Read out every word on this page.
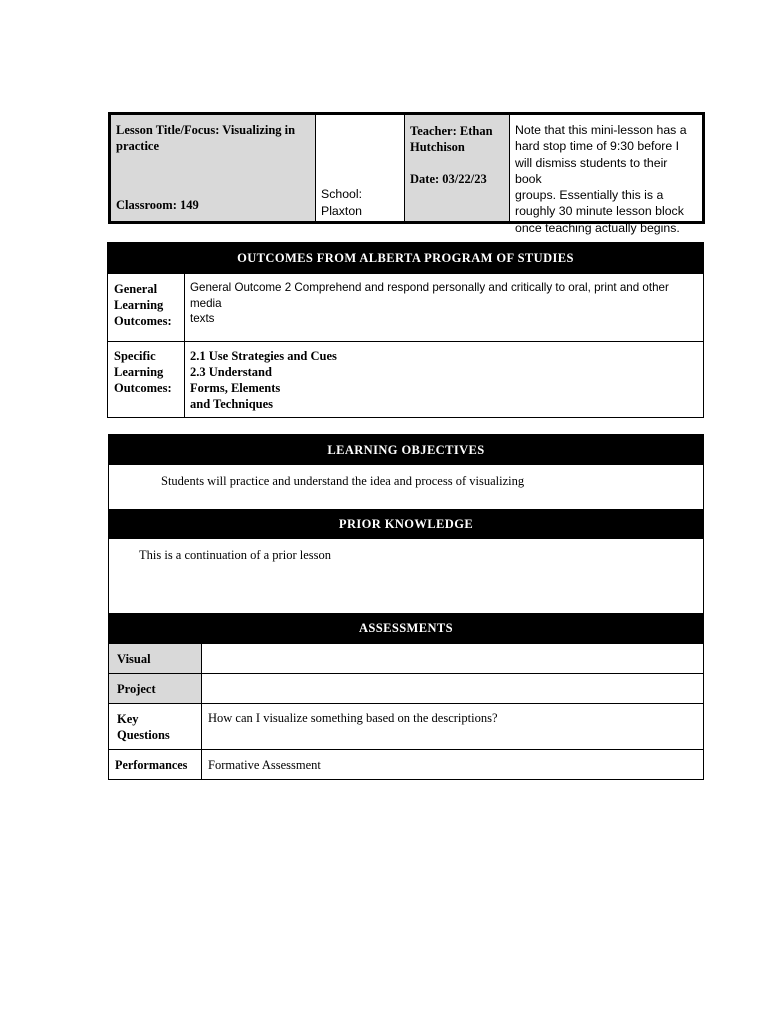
Lesson Title/Focus: Visualizing in
practice
Classroom: 149
School:
Plaxton
Teacher: Ethan
Hutchison
Date: 03/22/23
Note that this mini-lesson has a
hard stop time of 9:30 before I
will dismiss students to their book
groups. Essentially this is a
roughly 30 minute lesson block
once teaching actually begins.
OUTCOMES FROM ALBERTA PROGRAM OF STUDIES
General
Learning
Outcomes:
General Outcome 2 Comprehend and respond personally and critically to oral, print and other media
texts
Specific
Learning
Outcomes:
2.1 Use Strategies and Cues
2.3 Understand
Forms, Elements
and Techniques
LEARNING OBJECTIVES
Students will practice and understand the idea and process of visualizing
PRIOR KNOWLEDGE
This is a continuation of a prior lesson
ASSESSMENTS
Visual
Project
Key
Questions
How can I visualize something based on the descriptions?
Performances	Formative Assessment
